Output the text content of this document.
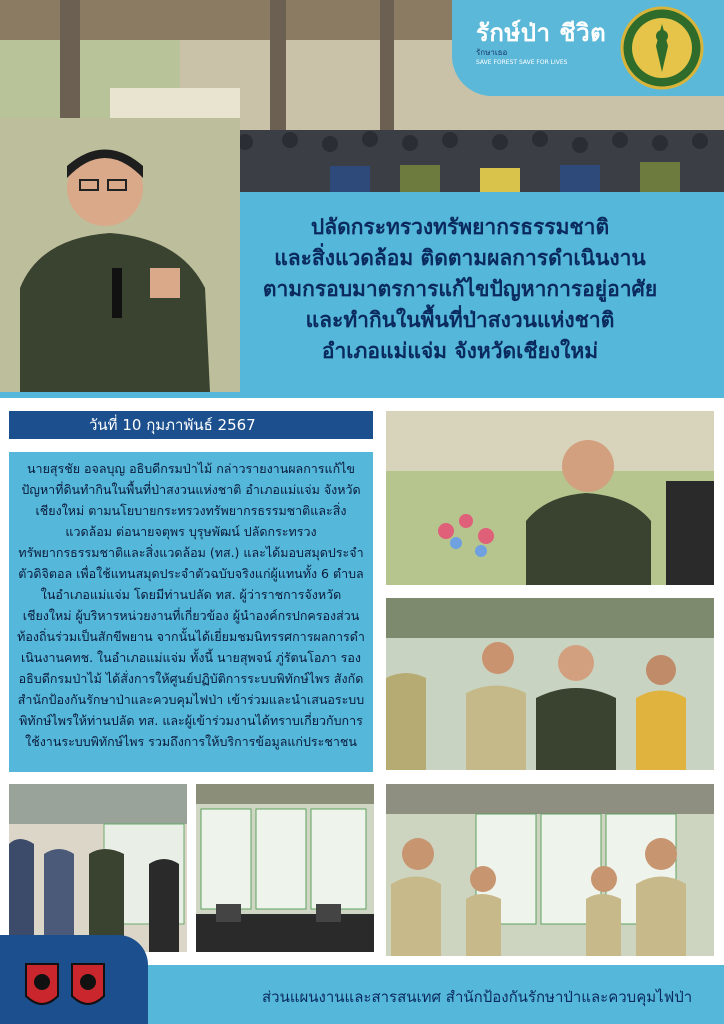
รักษ์ป่า ชีวิต
รักษาเธอ
SAVE FOREST SAVE FOR LIVES
ปลัดกระทรวงทรัพยากรธรรมชาติ
และสิ่งแวดล้อม ติดตามผลการดำเนินงาน
ตามกรอบมาตรการแก้ไขปัญหาการอยู่อาศัย
และทำกินในพื้นที่ป่าสงวนแห่งชาติ
อำเภอแม่แจ่ม จังหวัดเชียงใหม่
วันที่ 10 กุมภาพันธ์ 2567
นายสุรชัย อจลบุญ อธิบดีกรมป่าไม้ กล่าวรายงานผลการแก้ไขปัญหาที่ดินทำกินในพื้นที่ป่าสงวนแห่งชาติ อำเภอแม่แจ่ม จังหวัดเชียงใหม่ ตามนโยบายกระทรวงทรัพยากรธรรมชาติและสิ่งแวดล้อม ต่อนายจตุพร บุรุษพัฒน์ ปลัดกระทรวงทรัพยากรธรรมชาติและสิ่งแวดล้อม (ทส.) และได้มอบสมุดประจำตัวดิจิตอล เพื่อใช้แทนสมุดประจำตัวฉบับจริงแก่ผู้แทนทั้ง 6 ตำบล ในอำเภอแม่แจ่ม โดยมีท่านปลัด ทส. ผู้ว่าราชการจังหวัดเชียงใหม่ ผู้บริหารหน่วยงานที่เกี่ยวข้อง ผู้นำองค์กรปกครองส่วนท้องถิ่นร่วมเป็นสักขีพยาน จากนั้นได้เยี่ยมชมนิทรรศการผลการดำเนินงานคทช. ในอำเภอแม่แจ่ม ทั้งนี้ นายสุพจน์ ภู่รัตนโอภา รองอธิบดีกรมป่าไม้ ได้สั่งการให้ศูนย์ปฏิบัติการระบบพิทักษ์ไพร สังกัดสำนักป้องกันรักษาป่าและควบคุมไฟป่า เข้าร่วมและนำเสนอระบบพิทักษ์ไพรให้ท่านปลัด ทส. และผู้เข้าร่วมงานได้ทราบเกี่ยวกับการใช้งานระบบพิทักษ์ไพร รวมถึงการให้บริการข้อมูลแก่ประชาชน
ส่วนแผนงานและสารสนเทศ สำนักป้องกันรักษาป่าและควบคุมไฟป่า
